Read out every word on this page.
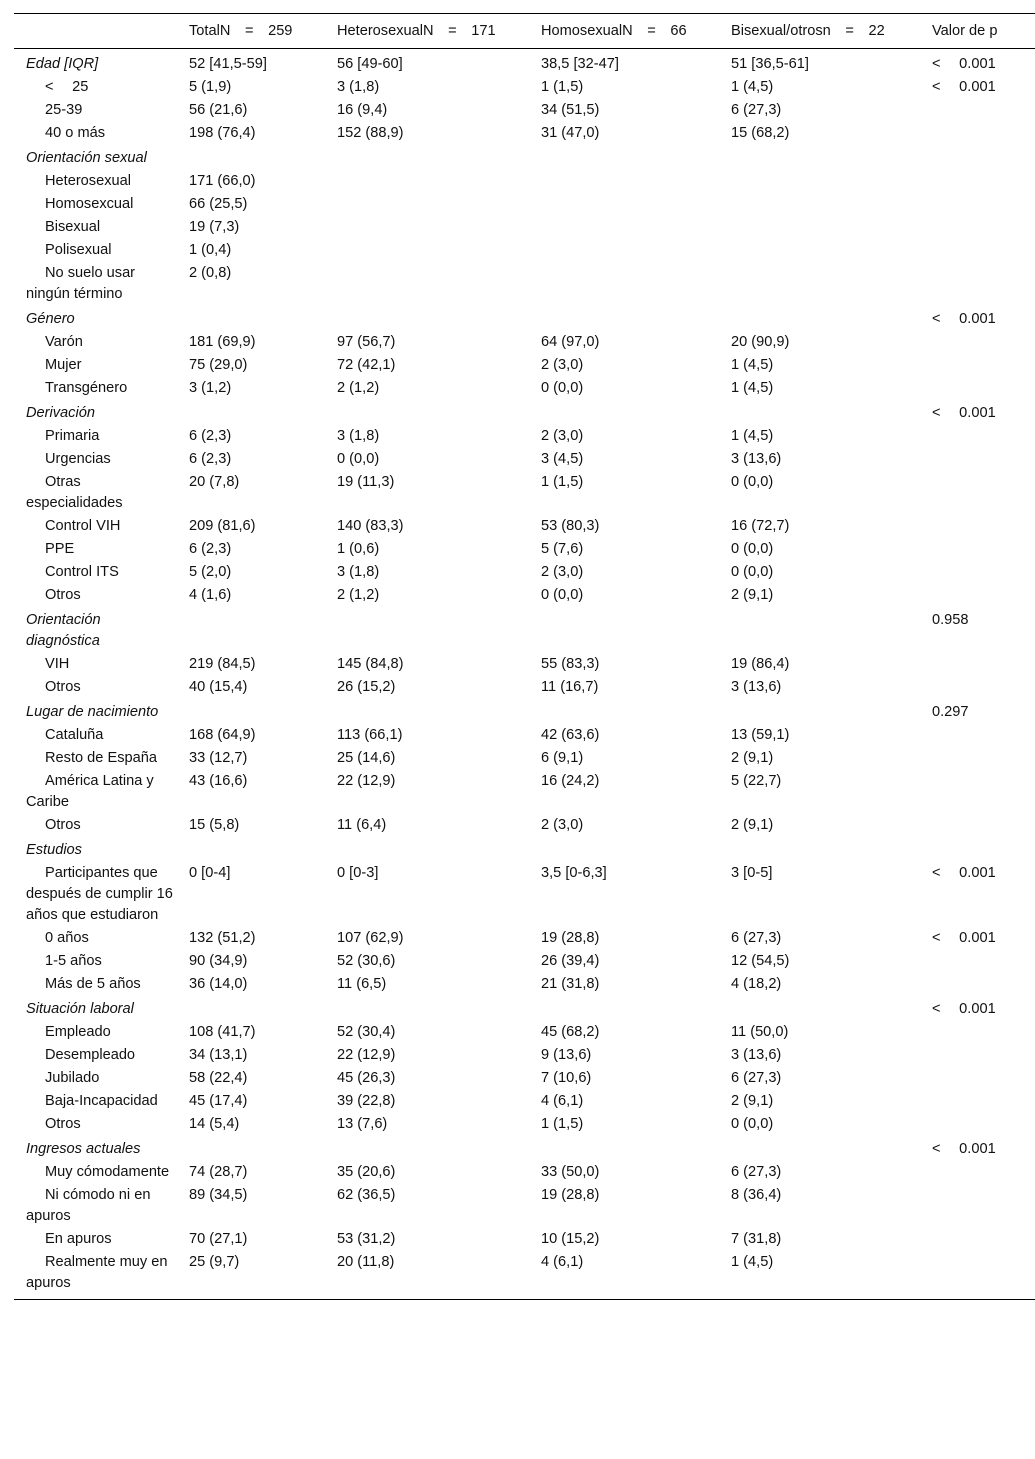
	TotalN = 259	HeterosexualN = 171	HomosexualN = 66	Bisexual/otrosn = 22	Valor de p
Edad [IQR]	52 [41,5-59]	56 [49-60]	38,5 [32-47]	51 [36,5-61]	<  0.001
<  25	5 (1,9)	3 (1,8)	1 (1,5)	1 (4,5)	<  0.001
25-39	56 (21,6)	16 (9,4)	34 (51,5)	6 (27,3)	
40 o más	198 (76,4)	152 (88,9)	31 (47,0)	15 (68,2)	
Orientación sexual					
Heterosexual	171 (66,0)				
Homosexcual	66 (25,5)				
Bisexual	19 (7,3)				
Polisexual	1 (0,4)				
No suelo usar ningún término	2 (0,8)				
Género					<  0.001
Varón	181 (69,9)	97 (56,7)	64 (97,0)	20 (90,9)	
Mujer	75 (29,0)	72 (42,1)	2 (3,0)	1 (4,5)	
Transgénero	3 (1,2)	2 (1,2)	0 (0,0)	1 (4,5)	
Derivación					<  0.001
Primaria	6 (2,3)	3 (1,8)	2 (3,0)	1 (4,5)	
Urgencias	6 (2,3)	0 (0,0)	3 (4,5)	3 (13,6)	
Otras especialidades	20 (7,8)	19 (11,3)	1 (1,5)	0 (0,0)	
Control VIH	209 (81,6)	140 (83,3)	53 (80,3)	16 (72,7)	
PPE	6 (2,3)	1 (0,6)	5 (7,6)	0 (0,0)	
Control ITS	5 (2,0)	3 (1,8)	2 (3,0)	0 (0,0)	
Otros	4 (1,6)	2 (1,2)	0 (0,0)	2 (9,1)	
Orientación diagnóstica					0.958
VIH	219 (84,5)	145 (84,8)	55 (83,3)	19 (86,4)	
Otros	40 (15,4)	26 (15,2)	11 (16,7)	3 (13,6)	
Lugar de nacimiento					0.297
Cataluña	168 (64,9)	113 (66,1)	42 (63,6)	13 (59,1)	
Resto de España	33 (12,7)	25 (14,6)	6 (9,1)	2 (9,1)	
América Latina y Caribe	43 (16,6)	22 (12,9)	16 (24,2)	5 (22,7)	
Otros	15 (5,8)	11 (6,4)	2 (3,0)	2 (9,1)	
Estudios					
Participantes que después de cumplir 16 años que estudiaron	0 [0-4]	0 [0-3]	3,5 [0-6,3]	3 [0-5]	<  0.001
0 años	132 (51,2)	107 (62,9)	19 (28,8)	6 (27,3)	<  0.001
1-5 años	90 (34,9)	52 (30,6)	26 (39,4)	12 (54,5)	
Más de 5 años	36 (14,0)	11 (6,5)	21 (31,8)	4 (18,2)	
Situación laboral					<  0.001
Empleado	108 (41,7)	52 (30,4)	45 (68,2)	11 (50,0)	
Desempleado	34 (13,1)	22 (12,9)	9 (13,6)	3 (13,6)	
Jubilado	58 (22,4)	45 (26,3)	7 (10,6)	6 (27,3)	
Baja-Incapacidad	45 (17,4)	39 (22,8)	4 (6,1)	2 (9,1)	
Otros	14 (5,4)	13 (7,6)	1 (1,5)	0 (0,0)	
Ingresos actuales					<  0.001
Muy cómodamente	74 (28,7)	35 (20,6)	33 (50,0)	6 (27,3)	
Ni cómodo ni en apuros	89 (34,5)	62 (36,5)	19 (28,8)	8 (36,4)	
En apuros	70 (27,1)	53 (31,2)	10 (15,2)	7 (31,8)	
Realmente muy en apuros	25 (9,7)	20 (11,8)	4 (6,1)	1 (4,5)	
